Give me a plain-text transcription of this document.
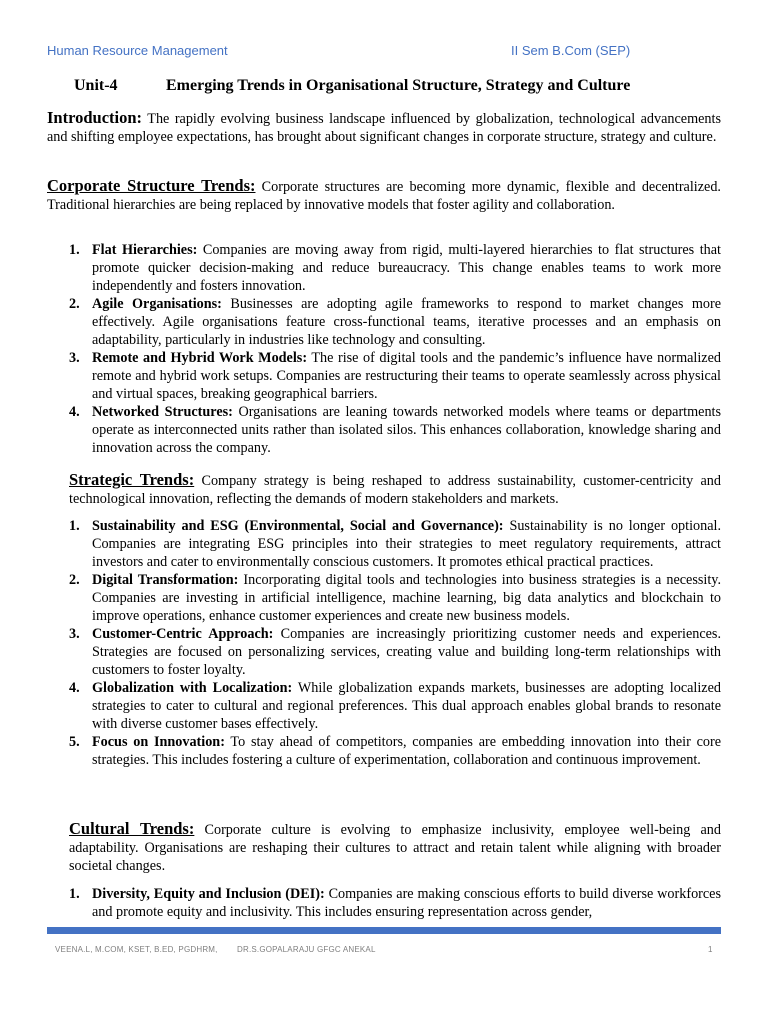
Human Resource Management	II Sem B.Com (SEP)
Unit-4	Emerging Trends in Organisational Structure, Strategy and Culture
Introduction: The rapidly evolving business landscape influenced by globalization, technological advancements and shifting employee expectations, has brought about significant changes in corporate structure, strategy and culture.
Corporate Structure Trends: Corporate structures are becoming more dynamic, flexible and decentralized. Traditional hierarchies are being replaced by innovative models that foster agility and collaboration.
1. Flat Hierarchies: Companies are moving away from rigid, multi-layered hierarchies to flat structures that promote quicker decision-making and reduce bureaucracy. This change enables teams to work more independently and fosters innovation.
2. Agile Organisations: Businesses are adopting agile frameworks to respond to market changes more effectively. Agile organisations feature cross-functional teams, iterative processes and an emphasis on adaptability, particularly in industries like technology and consulting.
3. Remote and Hybrid Work Models: The rise of digital tools and the pandemic’s influence have normalized remote and hybrid work setups. Companies are restructuring their teams to operate seamlessly across physical and virtual spaces, breaking geographical barriers.
4. Networked Structures: Organisations are leaning towards networked models where teams or departments operate as interconnected units rather than isolated silos. This enhances collaboration, knowledge sharing and innovation across the company.
Strategic Trends: Company strategy is being reshaped to address sustainability, customer-centricity and technological innovation, reflecting the demands of modern stakeholders and markets.
1. Sustainability and ESG (Environmental, Social and Governance): Sustainability is no longer optional. Companies are integrating ESG principles into their strategies to meet regulatory requirements, attract investors and cater to environmentally conscious customers. It promotes ethical practical practices.
2. Digital Transformation: Incorporating digital tools and technologies into business strategies is a necessity. Companies are investing in artificial intelligence, machine learning, big data analytics and blockchain to improve operations, enhance customer experiences and create new business models.
3. Customer-Centric Approach: Companies are increasingly prioritizing customer needs and experiences. Strategies are focused on personalizing services, creating value and building long-term relationships with customers to foster loyalty.
4. Globalization with Localization: While globalization expands markets, businesses are adopting localized strategies to cater to cultural and regional preferences. This dual approach enables global brands to resonate with diverse customer bases effectively.
5. Focus on Innovation: To stay ahead of competitors, companies are embedding innovation into their core strategies. This includes fostering a culture of experimentation, collaboration and continuous improvement.
Cultural Trends: Corporate culture is evolving to emphasize inclusivity, employee well-being and adaptability. Organisations are reshaping their cultures to attract and retain talent while aligning with broader societal changes.
1. Diversity, Equity and Inclusion (DEI): Companies are making conscious efforts to build diverse workforces and promote equity and inclusivity. This includes ensuring representation across gender,
VEENA.L, M.COM, KSET, B.ED, PGDHRM, DR.S.GOPALARAJU GFGC ANEKAL	1
